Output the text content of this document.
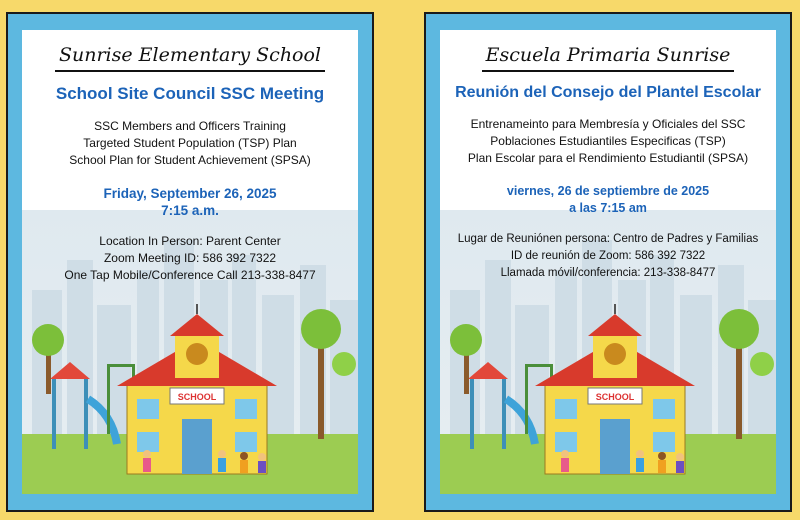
Sunrise Elementary School
School Site Council SSC Meeting
SSC Members and Officers Training
Targeted Student Population (TSP) Plan
School Plan for Student Achievement (SPSA)
Friday, September 26, 2025
7:15 a.m.
Location In Person: Parent Center
Zoom Meeting ID: 586 392 7322
One Tap Mobile/Conference Call 213-338-8477
SCHOOL
Escuela Primaria Sunrise
Reunión del Consejo del Plantel Escolar
Entrenameinto para Membresía y Oficiales del SSC
Poblaciones Estudiantiles Especificas (TSP)
Plan Escolar para el Rendimiento Estudiantil (SPSA)
viernes, 26 de septiembre de 2025
a las 7:15 am
Lugar de Reuniónen persona: Centro de Padres y Familias
ID de reunión de Zoom: 586 392 7322
Llamada móvil/conferencia: 213-338-8477
SCHOOL
